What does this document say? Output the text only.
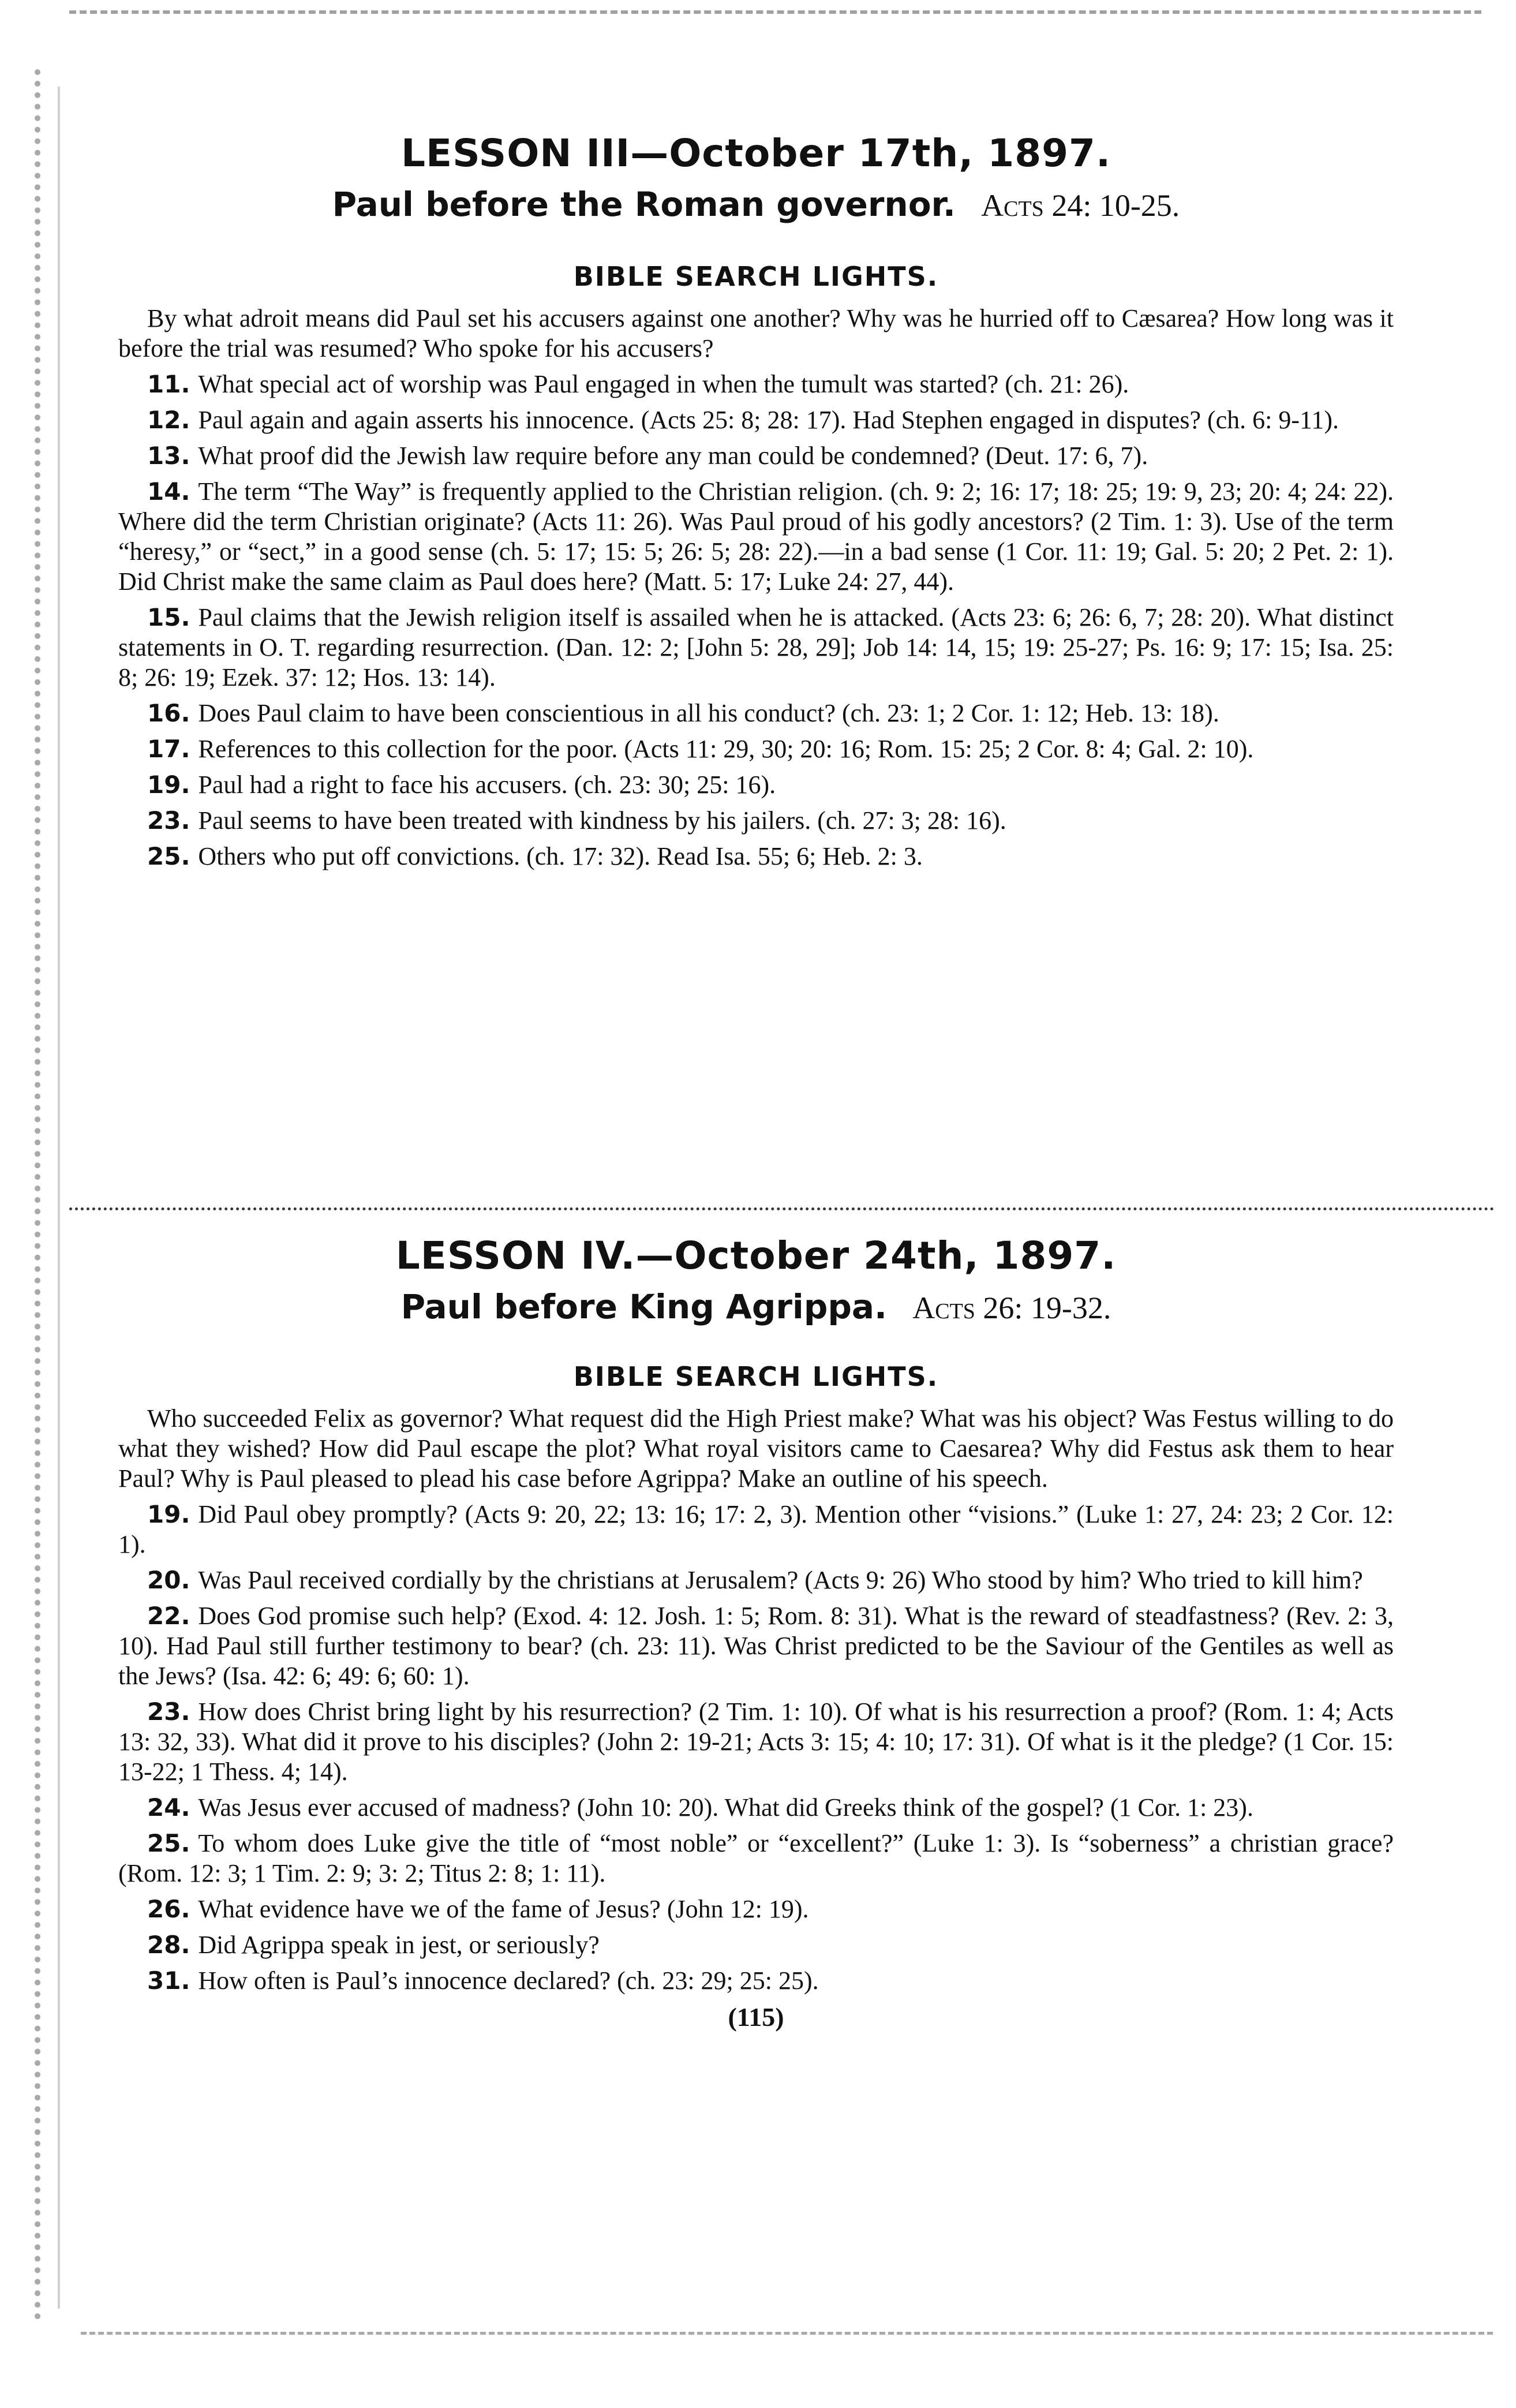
LESSON III—October 17th, 1897.
Paul before the Roman governor. Acts 24: 10-25.
BIBLE SEARCH LIGHTS.

By what adroit means did Paul set his accusers against one another? Why was he hurried off to Cæsarea? How long was it before the trial was resumed? Who spoke for his accusers?

11. What special act of worship was Paul engaged in when the tumult was started? (ch. 21: 26).

12. Paul again and again asserts his innocence. (Acts 25: 8; 28: 17). Had Stephen engaged in disputes? (ch. 6: 9-11).

13. What proof did the Jewish law require before any man could be condemned? (Deut. 17: 6, 7).

14. The term “The Way” is frequently applied to the Christian religion. (ch. 9: 2; 16: 17; 18: 25; 19: 9, 23; 20: 4; 24: 22). Where did the term Christian originate? (Acts 11: 26). Was Paul proud of his godly ancestors? (2 Tim. 1: 3). Use of the term “heresy,” or “sect,” in a good sense (ch. 5: 17; 15: 5; 26: 5; 28: 22).—in a bad sense (1 Cor. 11: 19; Gal. 5: 20; 2 Pet. 2: 1). Did Christ make the same claim as Paul does here? (Matt. 5: 17; Luke 24: 27, 44).

15. Paul claims that the Jewish religion itself is assailed when he is attacked. (Acts 23: 6; 26: 6, 7; 28: 20). What distinct statements in O. T. regarding resurrection. (Dan. 12: 2; [John 5: 28, 29]; Job 14: 14, 15; 19: 25-27; Ps. 16: 9; 17: 15; Isa. 25: 8; 26: 19; Ezek. 37: 12; Hos. 13: 14).

16. Does Paul claim to have been conscientious in all his conduct? (ch. 23: 1; 2 Cor. 1: 12; Heb. 13: 18).

17. References to this collection for the poor. (Acts 11: 29, 30; 20: 16; Rom. 15: 25; 2 Cor. 8: 4; Gal. 2: 10).

19. Paul had a right to face his accusers. (ch. 23: 30; 25: 16).

23. Paul seems to have been treated with kindness by his jailers. (ch. 27: 3; 28: 16).

25. Others who put off convictions. (ch. 17: 32). Read Isa. 55; 6; Heb. 2: 3.

LESSON IV.—October 24th, 1897.
Paul before King Agrippa. Acts 26: 19-32.
BIBLE SEARCH LIGHTS.

Who succeeded Felix as governor? What request did the High Priest make? What was his object? Was Festus willing to do what they wished? How did Paul escape the plot? What royal visitors came to Caesarea? Why did Festus ask them to hear Paul? Why is Paul pleased to plead his case before Agrippa? Make an outline of his speech.

19. Did Paul obey promptly? (Acts 9: 20, 22; 13: 16; 17: 2, 3). Mention other “visions.” (Luke 1: 27, 24: 23; 2 Cor. 12: 1).

20. Was Paul received cordially by the christians at Jerusalem? (Acts 9: 26) Who stood by him? Who tried to kill him?

22. Does God promise such help? (Exod. 4: 12. Josh. 1: 5; Rom. 8: 31). What is the reward of steadfastness? (Rev. 2: 3, 10). Had Paul still further testimony to bear? (ch. 23: 11). Was Christ predicted to be the Saviour of the Gentiles as well as the Jews? (Isa. 42: 6; 49: 6; 60: 1).

23. How does Christ bring light by his resurrection? (2 Tim. 1: 10). Of what is his resurrection a proof? (Rom. 1: 4; Acts 13: 32, 33). What did it prove to his disciples? (John 2: 19-21; Acts 3: 15; 4: 10; 17: 31). Of what is it the pledge? (1 Cor. 15: 13-22; 1 Thess. 4; 14).

24. Was Jesus ever accused of madness? (John 10: 20). What did Greeks think of the gospel? (1 Cor. 1: 23).

25. To whom does Luke give the title of “most noble” or “excellent?” (Luke 1: 3). Is “soberness” a christian grace? (Rom. 12: 3; 1 Tim. 2: 9; 3: 2; Titus 2: 8; 1: 11).

26. What evidence have we of the fame of Jesus? (John 12: 19).

28. Did Agrippa speak in jest, or seriously?

31. How often is Paul’s innocence declared? (ch. 23: 29; 25: 25).

(115)
